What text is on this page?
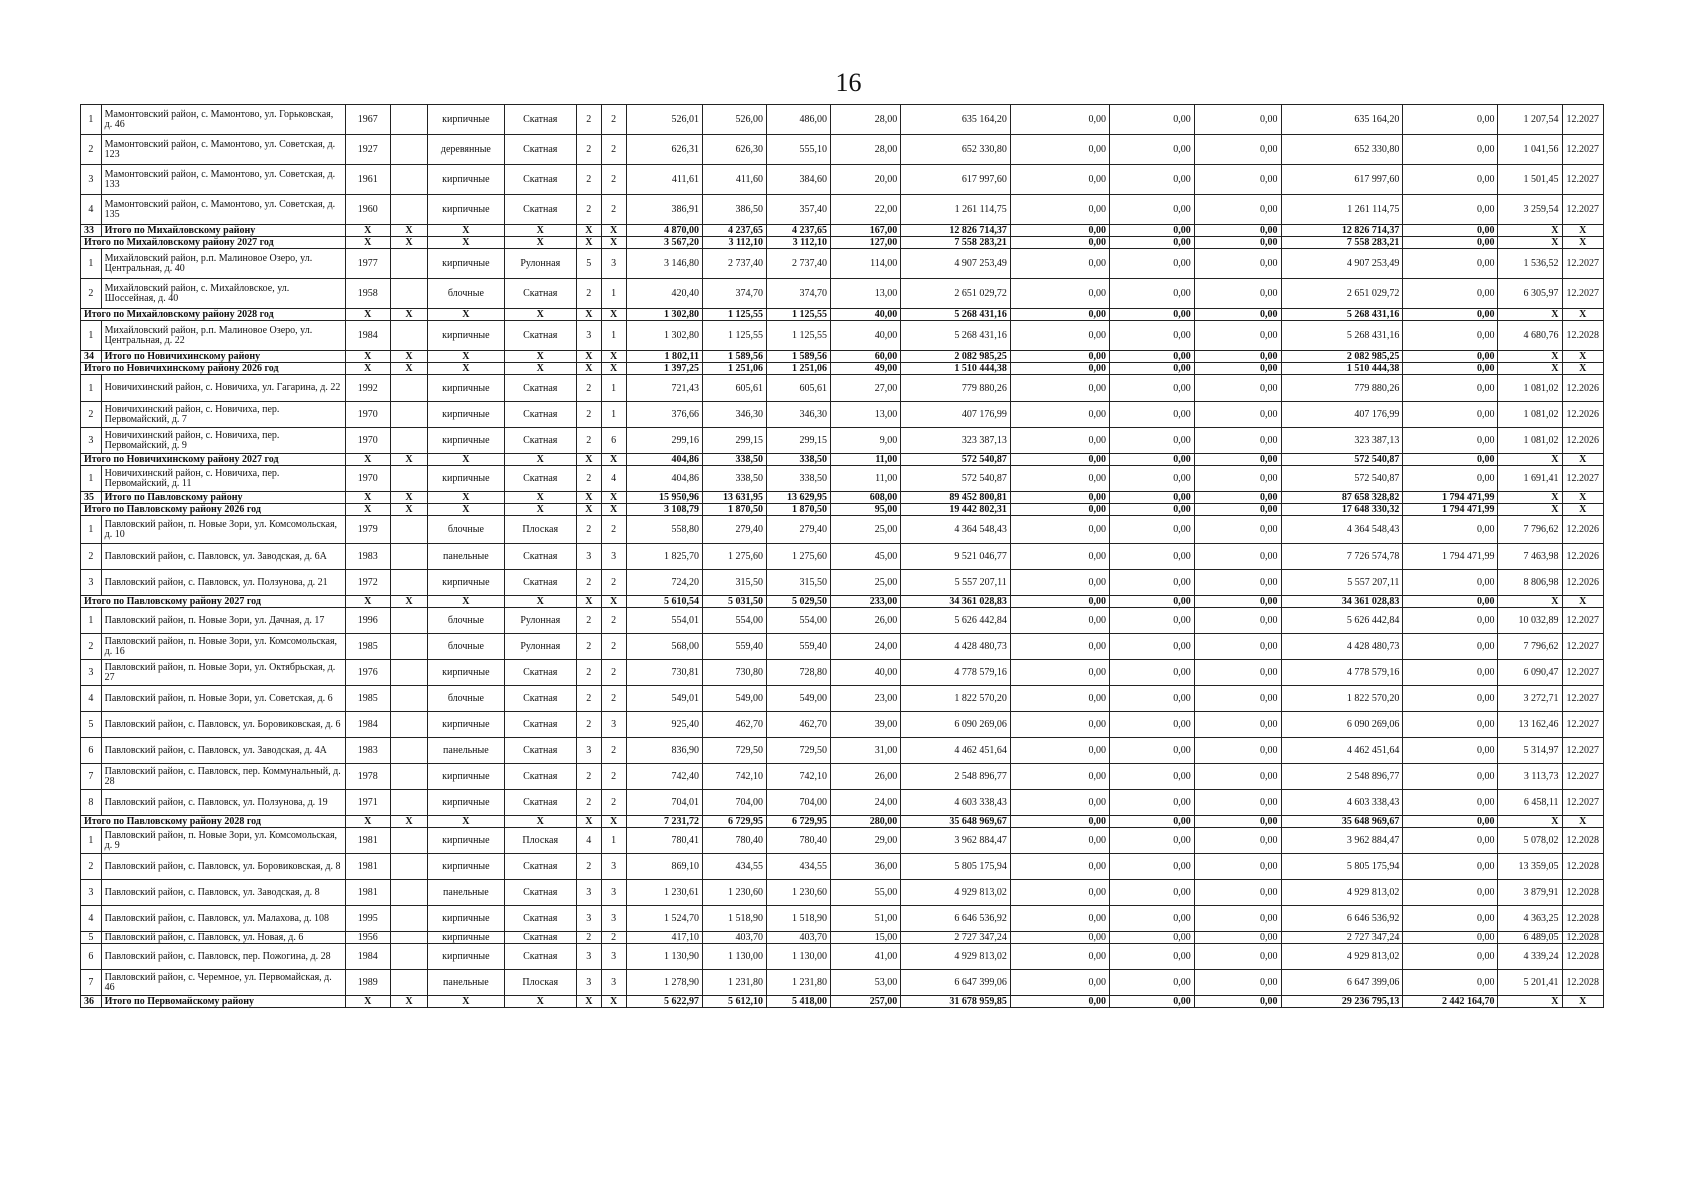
16
1	Мамонтовский район, с. Мамонтово, ул. Горьковская, д. 46	1967		кирпичные	Скатная	2	2	526,01	526,00	486,00	28,00	635 164,20	0,00	0,00	0,00	635 164,20	0,00	1 207,54	12.2027
2	Мамонтовский район, с. Мамонтово, ул. Советская, д. 123	1927		деревянные	Скатная	2	2	626,31	626,30	555,10	28,00	652 330,80	0,00	0,00	0,00	652 330,80	0,00	1 041,56	12.2027
3	Мамонтовский район, с. Мамонтово, ул. Советская, д. 133	1961		кирпичные	Скатная	2	2	411,61	411,60	384,60	20,00	617 997,60	0,00	0,00	0,00	617 997,60	0,00	1 501,45	12.2027
4	Мамонтовский район, с. Мамонтово, ул. Советская, д. 135	1960		кирпичные	Скатная	2	2	386,91	386,50	357,40	22,00	1 261 114,75	0,00	0,00	0,00	1 261 114,75	0,00	3 259,54	12.2027
33	Итого по Михайловскому району	X	X	X	X	X	X	4 870,00	4 237,65	4 237,65	167,00	12 826 714,37	0,00	0,00	0,00	12 826 714,37	0,00	X	X
Итого по Михайловскому району 2027 год		X	X	X	X	X	X	3 567,20	3 112,10	3 112,10	127,00	7 558 283,21	0,00	0,00	0,00	7 558 283,21	0,00	X	X
1	Михайловский район, р.п. Малиновое Озеро, ул. Центральная, д. 40	1977		кирпичные	Рулонная	5	3	3 146,80	2 737,40	2 737,40	114,00	4 907 253,49	0,00	0,00	0,00	4 907 253,49	0,00	1 536,52	12.2027
2	Михайловский район, с. Михайловское, ул. Шоссейная, д. 40	1958		блочные	Скатная	2	1	420,40	374,70	374,70	13,00	2 651 029,72	0,00	0,00	0,00	2 651 029,72	0,00	6 305,97	12.2027
Итого по Михайловскому району 2028 год		X	X	X	X	X	X	1 302,80	1 125,55	1 125,55	40,00	5 268 431,16	0,00	0,00	0,00	5 268 431,16	0,00	X	X
1	Михайловский район, р.п. Малиновое Озеро, ул. Центральная, д. 22	1984		кирпичные	Скатная	3	1	1 302,80	1 125,55	1 125,55	40,00	5 268 431,16	0,00	0,00	0,00	5 268 431,16	0,00	4 680,76	12.2028
34	Итого по Новичихинскому району	X	X	X	X	X	X	1 802,11	1 589,56	1 589,56	60,00	2 082 985,25	0,00	0,00	0,00	2 082 985,25	0,00	X	X
Итого по Новичихинскому району 2026 год		X	X	X	X	X	X	1 397,25	1 251,06	1 251,06	49,00	1 510 444,38	0,00	0,00	0,00	1 510 444,38	0,00	X	X
1	Новичихинский район, с. Новичиха, ул. Гагарина, д. 22	1992		кирпичные	Скатная	2	1	721,43	605,61	605,61	27,00	779 880,26	0,00	0,00	0,00	779 880,26	0,00	1 081,02	12.2026
2	Новичихинский район, с. Новичиха, пер. Первомайский, д. 7	1970		кирпичные	Скатная	2	1	376,66	346,30	346,30	13,00	407 176,99	0,00	0,00	0,00	407 176,99	0,00	1 081,02	12.2026
3	Новичихинский район, с. Новичиха, пер. Первомайский, д. 9	1970		кирпичные	Скатная	2	6	299,16	299,15	299,15	9,00	323 387,13	0,00	0,00	0,00	323 387,13	0,00	1 081,02	12.2026
Итого по Новичихинскому району 2027 год		X	X	X	X	X	X	404,86	338,50	338,50	11,00	572 540,87	0,00	0,00	0,00	572 540,87	0,00	X	X
1	Новичихинский район, с. Новичиха, пер. Первомайский, д. 11	1970		кирпичные	Скатная	2	4	404,86	338,50	338,50	11,00	572 540,87	0,00	0,00	0,00	572 540,87	0,00	1 691,41	12.2027
35	Итого по Павловскому району	X	X	X	X	X	X	15 950,96	13 631,95	13 629,95	608,00	89 452 800,81	0,00	0,00	0,00	87 658 328,82	1 794 471,99	X	X
Итого по Павловскому району 2026 год		X	X	X	X	X	X	3 108,79	1 870,50	1 870,50	95,00	19 442 802,31	0,00	0,00	0,00	17 648 330,32	1 794 471,99	X	X
1	Павловский район, п. Новые Зори, ул. Комсомольская, д. 10	1979		блочные	Плоская	2	2	558,80	279,40	279,40	25,00	4 364 548,43	0,00	0,00	0,00	4 364 548,43	0,00	7 796,62	12.2026
2	Павловский район, с. Павловск, ул. Заводская, д. 6А	1983		панельные	Скатная	3	3	1 825,70	1 275,60	1 275,60	45,00	9 521 046,77	0,00	0,00	0,00	7 726 574,78	1 794 471,99	7 463,98	12.2026
3	Павловский район, с. Павловск, ул. Ползунова, д. 21	1972		кирпичные	Скатная	2	2	724,20	315,50	315,50	25,00	5 557 207,11	0,00	0,00	0,00	5 557 207,11	0,00	8 806,98	12.2026
Итого по Павловскому району 2027 год		X	X	X	X	X	X	5 610,54	5 031,50	5 029,50	233,00	34 361 028,83	0,00	0,00	0,00	34 361 028,83	0,00	X	X
1	Павловский район, п. Новые Зори, ул. Дачная, д. 17	1996		блочные	Рулонная	2	2	554,01	554,00	554,00	26,00	5 626 442,84	0,00	0,00	0,00	5 626 442,84	0,00	10 032,89	12.2027
2	Павловский район, п. Новые Зори, ул. Комсомольская, д. 16	1985		блочные	Рулонная	2	2	568,00	559,40	559,40	24,00	4 428 480,73	0,00	0,00	0,00	4 428 480,73	0,00	7 796,62	12.2027
3	Павловский район, п. Новые Зори, ул. Октябрьская, д. 27	1976		кирпичные	Скатная	2	2	730,81	730,80	728,80	40,00	4 778 579,16	0,00	0,00	0,00	4 778 579,16	0,00	6 090,47	12.2027
4	Павловский район, п. Новые Зори, ул. Советская, д. 6	1985		блочные	Скатная	2	2	549,01	549,00	549,00	23,00	1 822 570,20	0,00	0,00	0,00	1 822 570,20	0,00	3 272,71	12.2027
5	Павловский район, с. Павловск, ул. Боровиковская, д. 6	1984		кирпичные	Скатная	2	3	925,40	462,70	462,70	39,00	6 090 269,06	0,00	0,00	0,00	6 090 269,06	0,00	13 162,46	12.2027
6	Павловский район, с. Павловск, ул. Заводская, д. 4А	1983		панельные	Скатная	3	2	836,90	729,50	729,50	31,00	4 462 451,64	0,00	0,00	0,00	4 462 451,64	0,00	5 314,97	12.2027
7	Павловский район, с. Павловск, пер. Коммунальный, д. 28	1978		кирпичные	Скатная	2	2	742,40	742,10	742,10	26,00	2 548 896,77	0,00	0,00	0,00	2 548 896,77	0,00	3 113,73	12.2027
8	Павловский район, с. Павловск, ул. Ползунова, д. 19	1971		кирпичные	Скатная	2	2	704,01	704,00	704,00	24,00	4 603 338,43	0,00	0,00	0,00	4 603 338,43	0,00	6 458,11	12.2027
Итого по Павловскому району 2028 год		X	X	X	X	X	X	7 231,72	6 729,95	6 729,95	280,00	35 648 969,67	0,00	0,00	0,00	35 648 969,67	0,00	X	X
1	Павловский район, п. Новые Зори, ул. Комсомольская, д. 9	1981		кирпичные	Плоская	4	1	780,41	780,40	780,40	29,00	3 962 884,47	0,00	0,00	0,00	3 962 884,47	0,00	5 078,02	12.2028
2	Павловский район, с. Павловск, ул. Боровиковская, д. 8	1981		кирпичные	Скатная	2	3	869,10	434,55	434,55	36,00	5 805 175,94	0,00	0,00	0,00	5 805 175,94	0,00	13 359,05	12.2028
3	Павловский район, с. Павловск, ул. Заводская, д. 8	1981		панельные	Скатная	3	3	1 230,61	1 230,60	1 230,60	55,00	4 929 813,02	0,00	0,00	0,00	4 929 813,02	0,00	3 879,91	12.2028
4	Павловский район, с. Павловск, ул. Малахова, д. 108	1995		кирпичные	Скатная	3	3	1 524,70	1 518,90	1 518,90	51,00	6 646 536,92	0,00	0,00	0,00	6 646 536,92	0,00	4 363,25	12.2028
5	Павловский район, с. Павловск, ул. Новая, д. 6	1956		кирпичные	Скатная	2	2	417,10	403,70	403,70	15,00	2 727 347,24	0,00	0,00	0,00	2 727 347,24	0,00	6 489,05	12.2028
6	Павловский район, с. Павловск, пер. Пожогина, д. 28	1984		кирпичные	Скатная	3	3	1 130,90	1 130,00	1 130,00	41,00	4 929 813,02	0,00	0,00	0,00	4 929 813,02	0,00	4 339,24	12.2028
7	Павловский район, с. Черемное, ул. Первомайская, д. 46	1989		панельные	Плоская	3	3	1 278,90	1 231,80	1 231,80	53,00	6 647 399,06	0,00	0,00	0,00	6 647 399,06	0,00	5 201,41	12.2028
36	Итого по Первомайскому району	X	X	X	X	X	X	5 622,97	5 612,10	5 418,00	257,00	31 678 959,85	0,00	0,00	0,00	29 236 795,13	2 442 164,70	X	X
